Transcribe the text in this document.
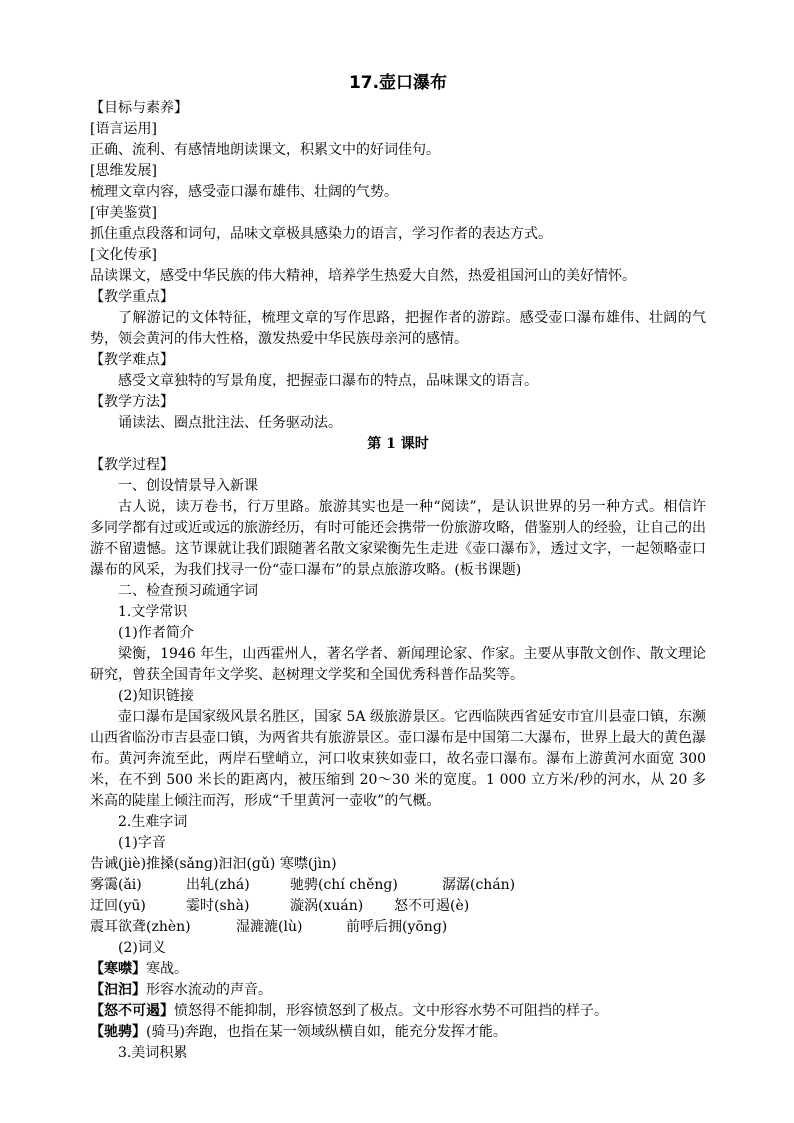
17.壶口瀑布
【目标与素养】
[语言运用]
正确、流利、有感情地朗读课文，积累文中的好词佳句。
[思维发展]
梳理文章内容，感受壶口瀑布雄伟、壮阔的气势。
[审美鉴赏]
抓住重点段落和词句，品味文章极具感染力的语言，学习作者的表达方式。
[文化传承]
品读课文，感受中华民族的伟大精神，培养学生热爱大自然，热爱祖国河山的美好情怀。
【教学重点】
了解游记的文体特征，梳理文章的写作思路，把握作者的游踪。感受壶口瀑布雄伟、壮阔的气势，领会黄河的伟大性格，激发热爱中华民族母亲河的感情。
【教学难点】
感受文章独特的写景角度，把握壶口瀑布的特点，品味课文的语言。
【教学方法】
诵读法、圈点批注法、任务驱动法。
第 1 课时
【教学过程】
一、创设情景导入新课
古人说，读万卷书，行万里路。旅游其实也是一种“阅读”，是认识世界的另一种方式。相信许多同学都有过或近或远的旅游经历，有时可能还会携带一份旅游攻略，借鉴别人的经验，让自己的出游不留遗憾。这节课就让我们跟随著名散文家梁衡先生走进《壶口瀑布》，透过文字，一起领略壶口瀑布的风采，为我们找寻一份“壶口瀑布”的景点旅游攻略。(板书课题)
二、检查预习疏通字词
1.文学常识
(1)作者简介
梁衡，1946 年生，山西霍州人，著名学者、新闻理论家、作家。主要从事散文创作、散文理论研究，曾获全国青年文学奖、赵树理文学奖和全国优秀科普作品奖等。
(2)知识链接
壶口瀑布是国家级风景名胜区，国家 5A 级旅游景区。它西临陕西省延安市宜川县壶口镇，东濒山西省临汾市吉县壶口镇，为两省共有旅游景区。壶口瀑布是中国第二大瀑布，世界上最大的黄色瀑布。黄河奔流至此，两岸石壁峭立，河口收束狭如壶口，故名壶口瀑布。瀑布上游黄河水面宽 300 米，在不到 500 米长的距离内，被压缩到 20～30 米的宽度。1 000 立方米/秒的河水，从 20 多米高的陡崖上倾注而泻，形成“千里黄河一壶收”的气概。
2.生难字词
(1)字音
告诫(jiè)推搡(sǎnɡ)汩汩(ɡǔ) 寒噤(jìn)
雾霭(ǎi)	出轧(zhá)	驰骋(chí chěnɡ)	潺潺(chán)
迂回(yū)	霎时(shà)	漩涡(xuán)	怒不可遏(è)
震耳欲聋(zhèn)	湿漉漉(lù)	前呼后拥(yōnɡ)
(2)词义
【寒噤】寒战。
【汩汩】形容水流动的声音。
【怒不可遏】愤怒得不能抑制，形容愤怒到了极点。文中形容水势不可阻挡的样子。
【驰骋】(骑马)奔跑，也指在某一领域纵横自如，能充分发挥才能。
3.美词积累
